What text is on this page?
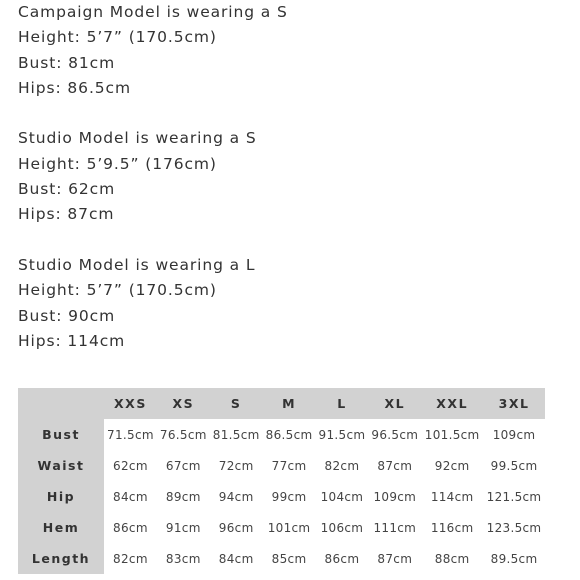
Campaign Model is wearing a S
Height: 5’7” (170.5cm)
Bust: 81cm
Hips: 86.5cm
Studio Model is wearing a S
Height: 5’9.5” (176cm)
Bust: 62cm
Hips: 87cm
Studio Model is wearing a L
Height: 5’7” (170.5cm)
Bust: 90cm
Hips: 114cm
	XXS	XS	S	M	L	XL	XXL	3XL
Bust	71.5cm	76.5cm	81.5cm	86.5cm	91.5cm	96.5cm	101.5cm	109cm
Waist	62cm	67cm	72cm	77cm	82cm	87cm	92cm	99.5cm
Hip	84cm	89cm	94cm	99cm	104cm	109cm	114cm	121.5cm
Hem	86cm	91cm	96cm	101cm	106cm	111cm	116cm	123.5cm
Length	82cm	83cm	84cm	85cm	86cm	87cm	88cm	89.5cm
